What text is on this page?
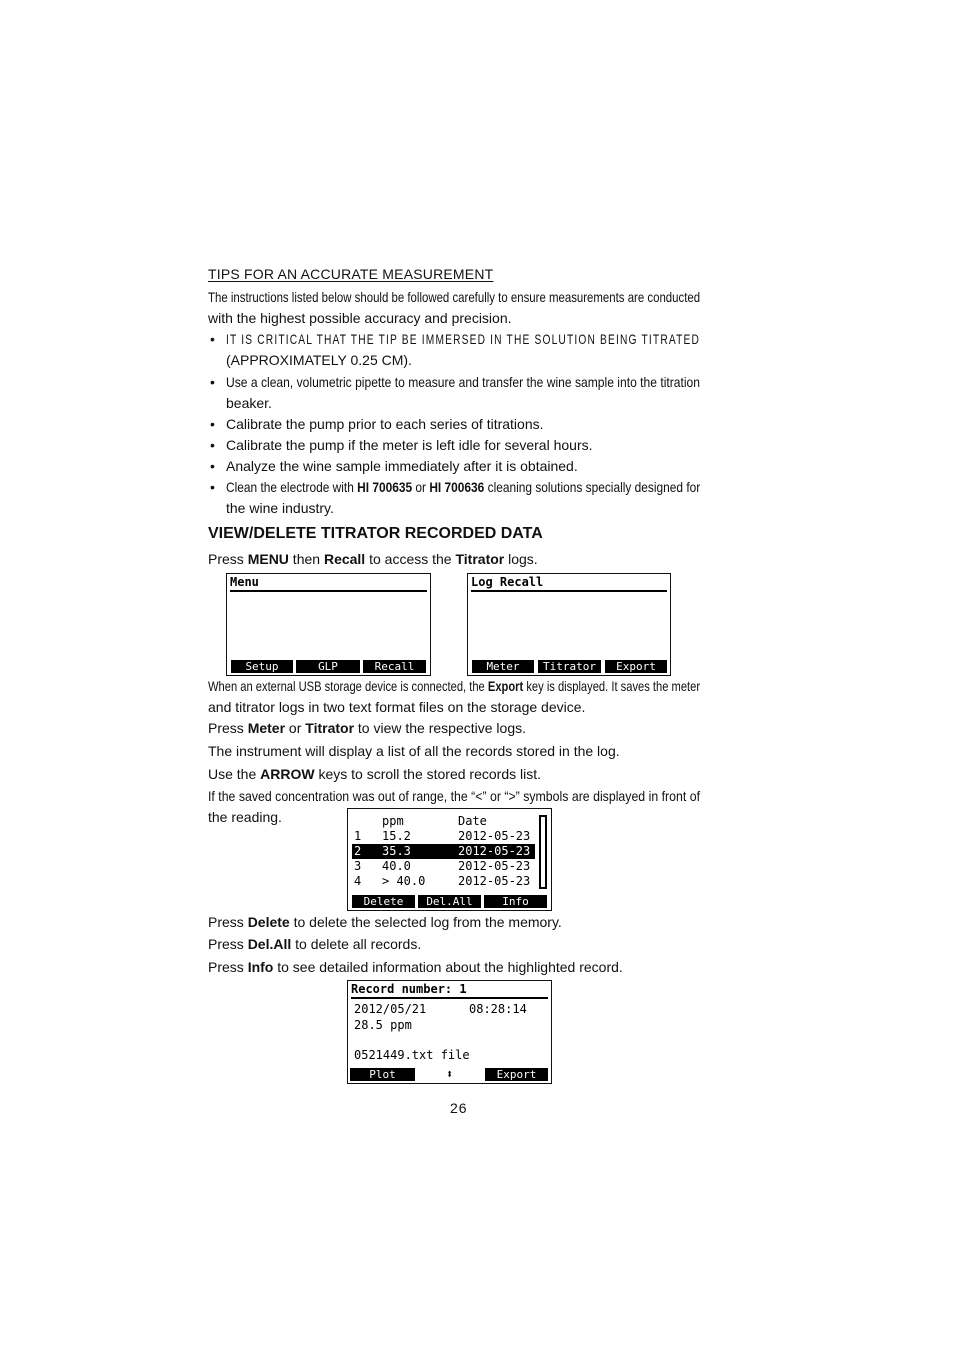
TIPS FOR AN ACCURATE MEASUREMENT
The instructions listed below should be followed carefully to ensure measurements are conducted
with the highest possible accuracy and precision.
• IT IS CRITICAL THAT THE TIP BE IMMERSED IN THE SOLUTION BEING TITRATED
(APPROXIMATELY 0.25 CM).
• Use a clean, volumetric pipette to measure and transfer the wine sample into the titration
beaker.
• Calibrate the pump prior to each series of titrations.
• Calibrate the pump if the meter is left idle for several hours.
• Analyze the wine sample immediately after it is obtained.
• Clean the electrode with HI 700635 or HI 700636 cleaning solutions specially designed for
the wine industry.
VIEW/DELETE TITRATOR RECORDED DATA
Press MENU then Recall to access the Titrator logs.
Menu
Setup	GLP	Recall
Log Recall
Meter	Titrator	Export
When an external USB storage device is connected, the Export key is displayed. It saves the meter
and titrator logs in two text format files on the storage device.
Press Meter or Titrator to view the respective logs.
The instrument will display a list of all the records stored in the log.
Use the ARROW keys to scroll the stored records list.
If the saved concentration was out of range, the “<” or “>” symbols are displayed in front of
the reading.	ppm	Date
1 15.2	2012-05-23
2 35.3	2012-05-23
3 40.0	2012-05-23
4 > 40.0	2012-05-23
Delete	Del.All	Info
Press Delete to delete the selected log from the memory.
Press Del.All to delete all records.
Press Info to see detailed information about the highlighted record.
Record number: 1
2012/05/21	08:28:14
28.5 ppm
0521449.txt file
Plot	⬍	Export
26
